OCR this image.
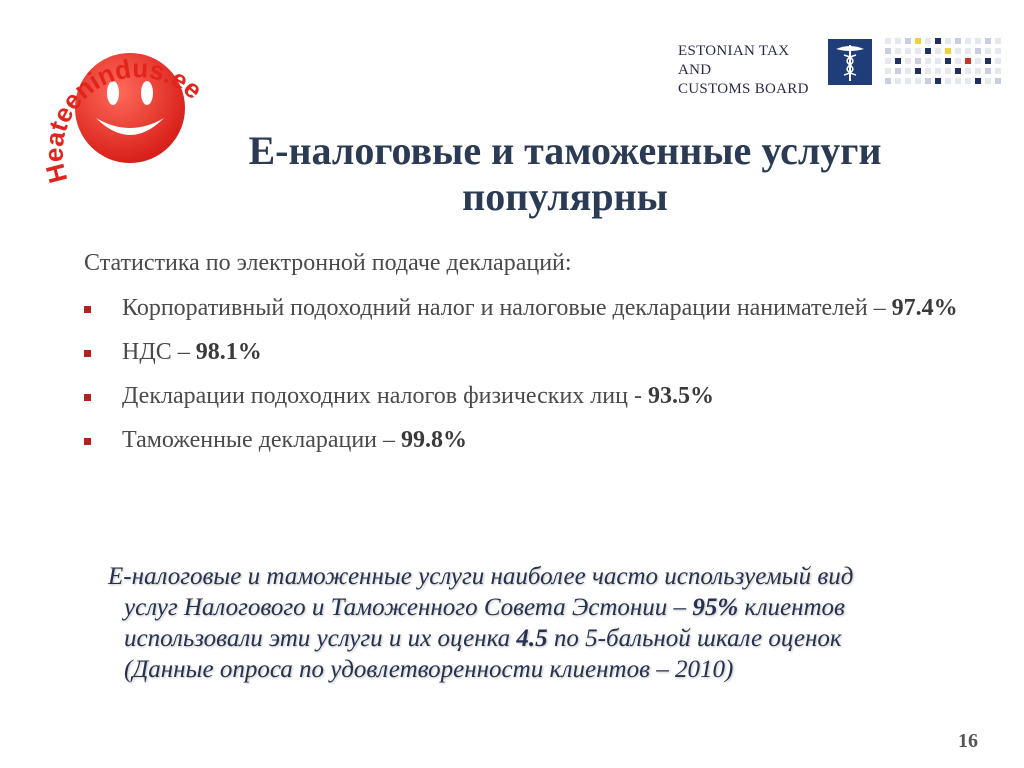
Heateenindus.ee
ESTONIAN TAX AND
CUSTOMS BOARD
Е-налоговые и таможенные услуги
популярны
Статистика по электронной подаче деклараций:
Корпоративный подоходний налог и налоговые декларации нанимателей – 97.4%
НДС – 98.1%
Декларации подоходних налогов физических лиц - 93.5%
Таможенные декларации – 99.8%
Е-налоговые и таможенные услуги наиболее часто используемый вид
услуг Налогового и Таможенного Совета Эстонии – 95% клиентов
использовали эти услуги и их оценка 4.5 по 5-бальной шкале оценок
(Данные опроса по удовлетворенности клиентов – 2010)
16
